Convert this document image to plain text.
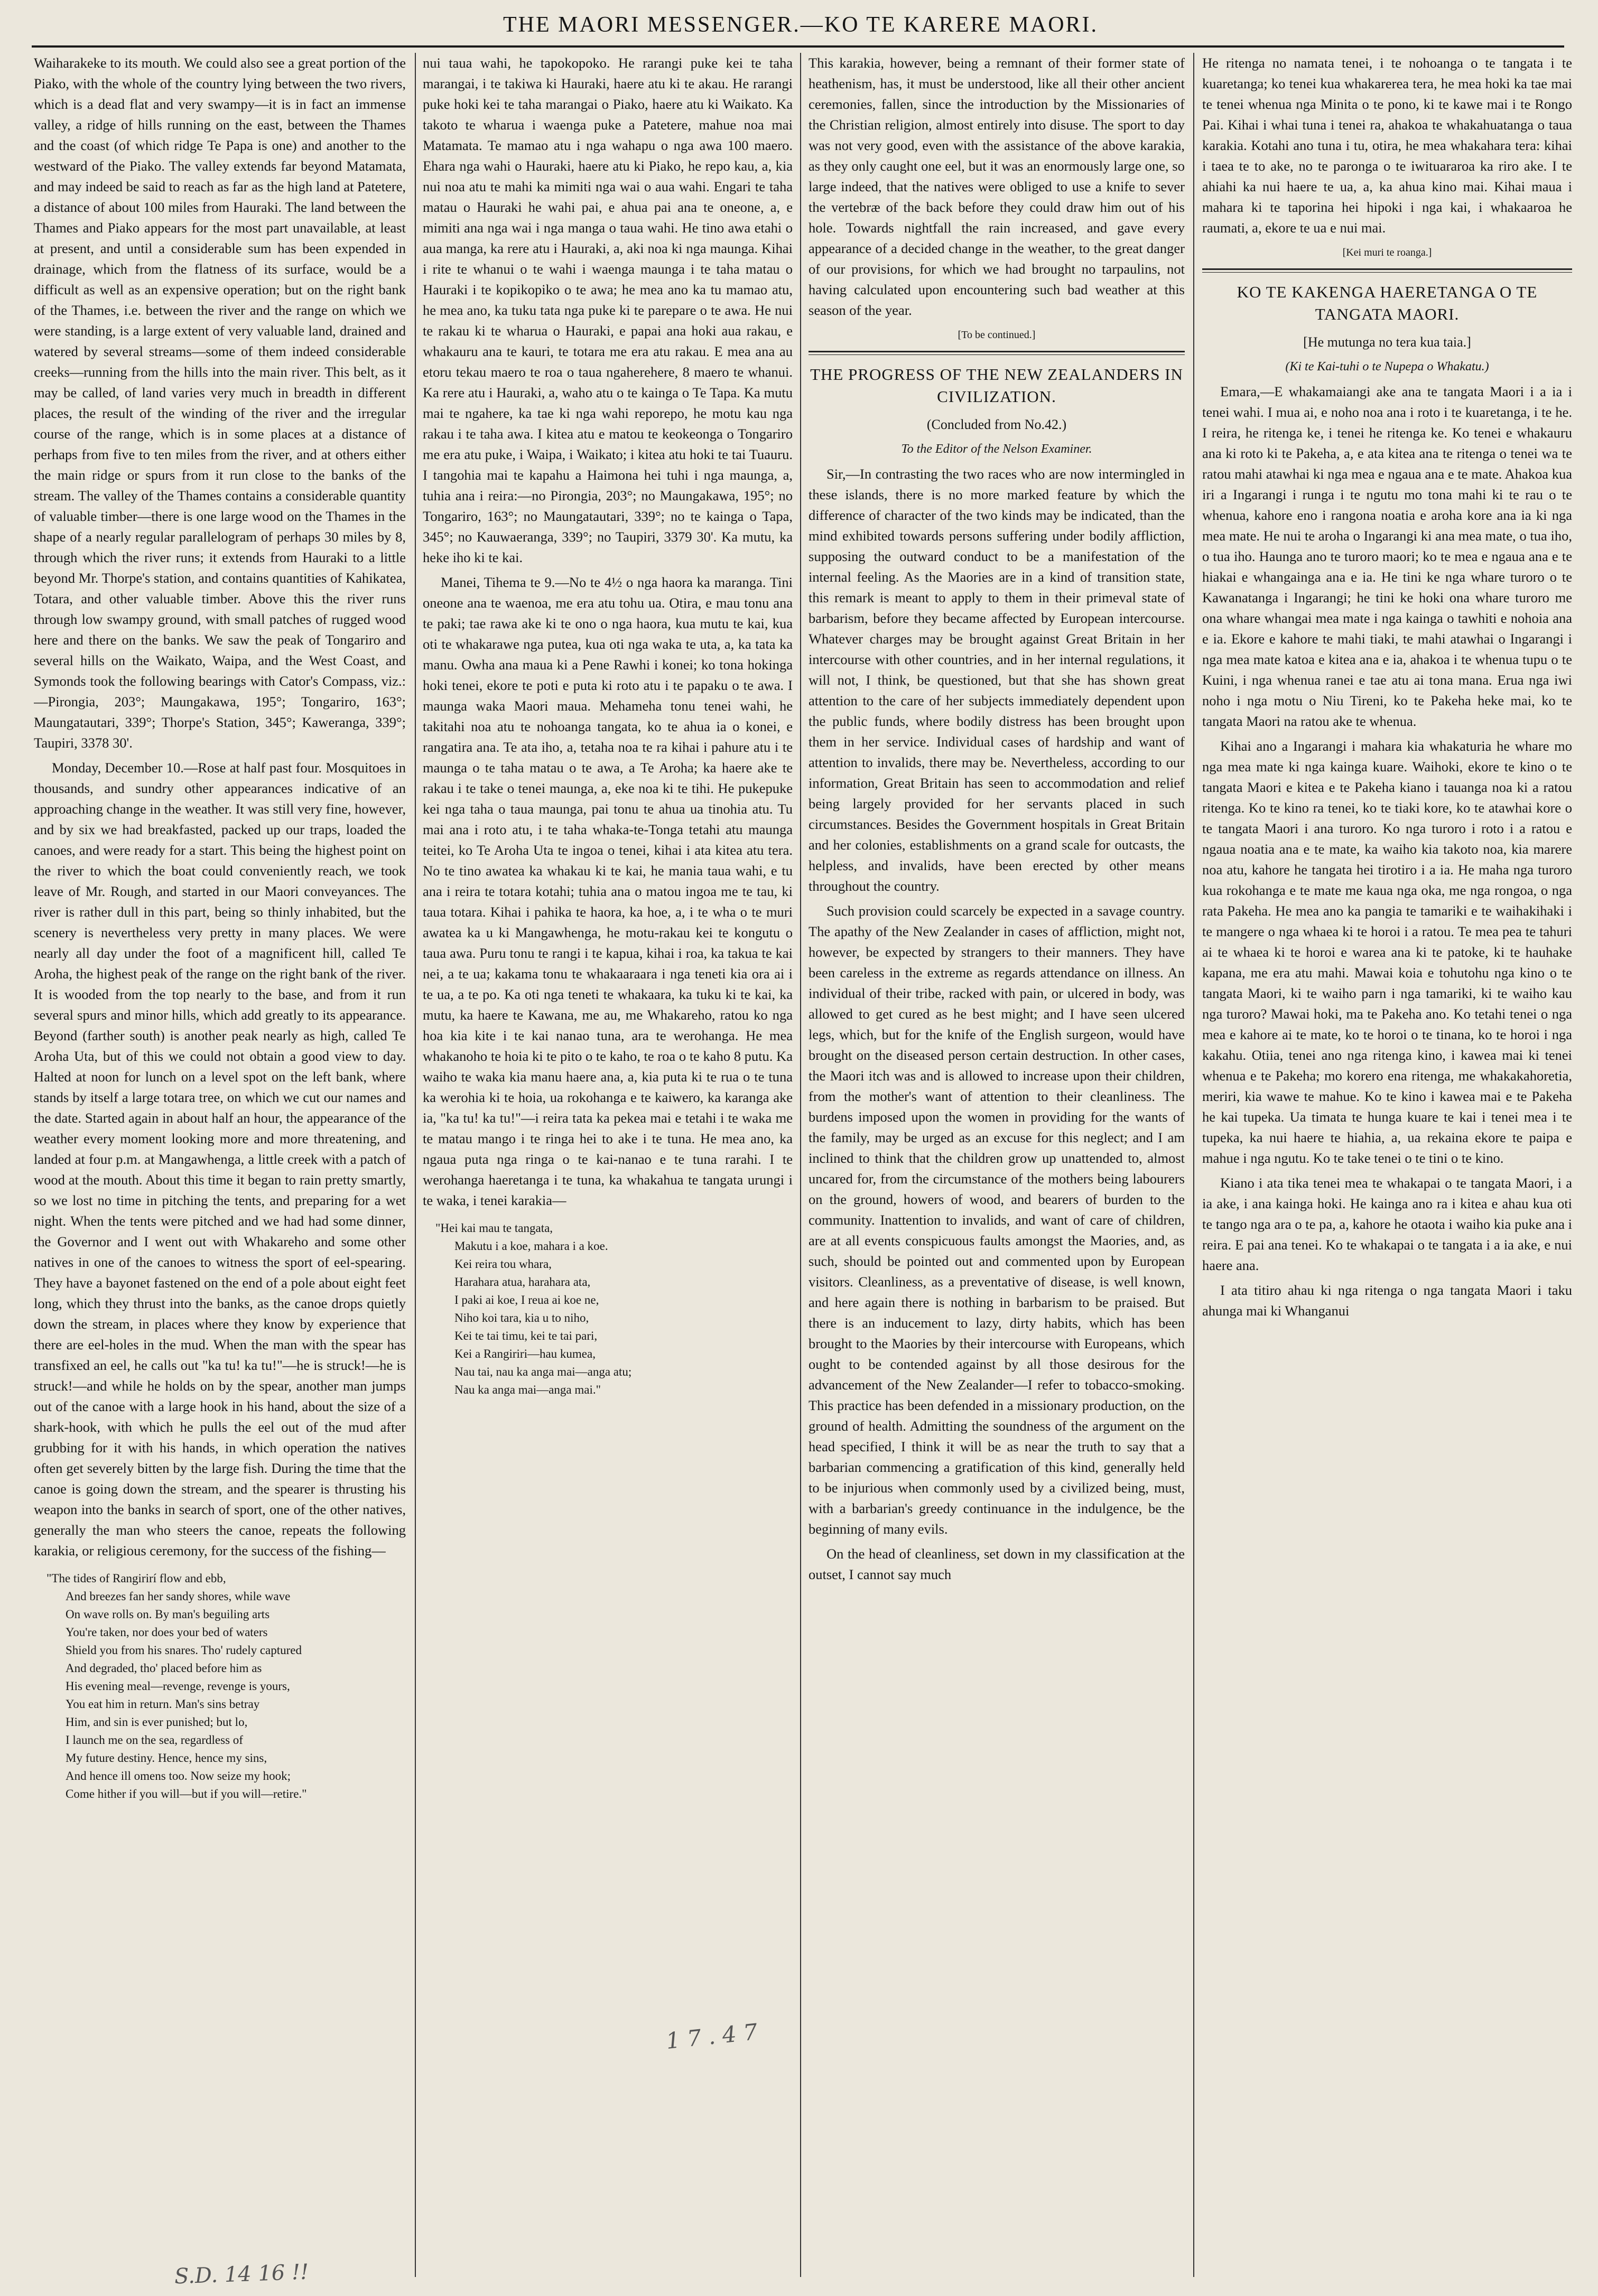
THE MAORI MESSENGER.—KO TE KARERE MAORI.

Waiharakeke to its mouth. We could also see a great portion of the Piako, with the whole of the country lying between the two rivers, which is a dead flat and very swampy—it is in fact an immense valley, a ridge of hills running on the east, between the Thames and the coast (of which ridge Te Papa is one) and another to the westward of the Piako. The valley extends far beyond Matamata, and may indeed be said to reach as far as the high land at Patetere, a distance of about 100 miles from Hauraki. The land between the Thames and Piako appears for the most part unavailable, at least at present, and until a considerable sum has been expended in drainage, which from the flatness of its surface, would be a difficult as well as an expensive operation; but on the right bank of the Thames, i.e. between the river and the range on which we were standing, is a large extent of very valuable land, drained and watered by several streams—some of them indeed considerable creeks—running from the hills into the main river. This belt, as it may be called, of land varies very much in breadth in different places, the result of the winding of the river and the irregular course of the range, which is in some places at a distance of perhaps from five to ten miles from the river, and at others either the main ridge or spurs from it run close to the banks of the stream. The valley of the Thames contains a considerable quantity of valuable timber—there is one large wood on the Thames in the shape of a nearly regular parallelogram of perhaps 30 miles by 8, through which the river runs; it extends from Hauraki to a little beyond Mr. Thorpe's station, and contains quantities of Kahikatea, Totara, and other valuable timber. Above this the river runs through low swampy ground, with small patches of rugged wood here and there on the banks. We saw the peak of Tongariro and several hills on the Waikato, Waipa, and the West Coast, and Symonds took the following bearings with Cator's Compass, viz.:—Pirongia, 203°; Maungakawa, 195°; Tongariro, 163°; Maungatautari, 339°; Thorpe's Station, 345°; Kaweranga, 339°; Taupiri, 3378 30'.

Monday, December 10.—Rose at half past four. Mosquitoes in thousands, and sundry other appearances indicative of an approaching change in the weather. It was still very fine, however, and by six we had breakfasted, packed up our traps, loaded the canoes, and were ready for a start. This being the highest point on the river to which the boat could conveniently reach, we took leave of Mr. Rough, and started in our Maori conveyances. The river is rather dull in this part, being so thinly inhabited, but the scenery is nevertheless very pretty in many places. We were nearly all day under the foot of a magnificent hill, called Te Aroha, the highest peak of the range on the right bank of the river. It is wooded from the top nearly to the base, and from it run several spurs and minor hills, which add greatly to its appearance. Beyond (farther south) is another peak nearly as high, called Te Aroha Uta, but of this we could not obtain a good view to day. Halted at noon for lunch on a level spot on the left bank, where stands by itself a large totara tree, on which we cut our names and the date. Started again in about half an hour, the appearance of the weather every moment looking more and more threatening, and landed at four p.m. at Mangawhenga, a little creek with a patch of wood at the mouth. About this time it began to rain pretty smartly, so we lost no time in pitching the tents, and preparing for a wet night. When the tents were pitched and we had had some dinner, the Governor and I went out with Whakareho and some other natives in one of the canoes to witness the sport of eel-spearing. They have a bayonet fastened on the end of a pole about eight feet long, which they thrust into the banks, as the canoe drops quietly down the stream, in places where they know by experience that there are eel-holes in the mud. When the man with the spear has transfixed an eel, he calls out "ka tu! ka tu!"—he is struck!—he is struck!—and while he holds on by the spear, another man jumps out of the canoe with a large hook in his hand, about the size of a shark-hook, with which he pulls the eel out of the mud after grubbing for it with his hands, in which operation the natives often get severely bitten by the large fish. During the time that the canoe is going down the stream, and the spearer is thrusting his weapon into the banks in search of sport, one of the other natives, generally the man who steers the canoe, repeats the following karakia, or religious ceremony, for the success of the fishing—

"The tides of Rangirirí flow and ebb,
And breezes fan her sandy shores, while wave
On wave rolls on. By man's beguiling arts
You're taken, nor does your bed of waters
Shield you from his snares. Tho' rudely captured
And degraded, tho' placed before him as
His evening meal—revenge, revenge is yours,
You eat him in return. Man's sins betray
Him, and sin is ever punished; but lo,
I launch me on the sea, regardless of
My future destiny. Hence, hence my sins,
And hence ill omens too. Now seize my hook;
Come hither if you will—but if you will—retire."

nui taua wahi, he tapokopoko. He rarangi puke kei te taha marangai, i te takiwa ki Hauraki, haere atu ki te akau. He rarangi puke hoki kei te taha marangai o Piako, haere atu ki Waikato. Ka takoto te wharua i waenga puke a Patetere, mahue noa mai Matamata. Te mamao atu i nga wahapu o nga awa 100 maero. Ehara nga wahi o Hauraki, haere atu ki Piako, he repo kau, a, kia nui noa atu te mahi ka mimiti nga wai o aua wahi. Engari te taha matau o Hauraki he wahi pai, e ahua pai ana te oneone, a, e mimiti ana nga wai i nga manga o taua wahi. He tino awa etahi o aua manga, ka rere atu i Hauraki, a, aki noa ki nga maunga. Kihai i rite te whanui o te wahi i waenga maunga i te taha matau o Hauraki i te kopikopiko o te awa; he mea ano ka tu mamao atu, he mea ano, ka tuku tata nga puke ki te parepare o te awa. He nui te rakau ki te wharua o Hauraki, e papai ana hoki aua rakau, e whakauru ana te kauri, te totara me era atu rakau. E mea ana au etoru tekau maero te roa o taua ngaherehere, 8 maero te whanui. Ka rere atu i Hauraki, a, waho atu o te kainga o Te Tapa. Ka mutu mai te ngahere, ka tae ki nga wahi reporepo, he motu kau nga rakau i te taha awa. I kitea atu e matou te keokeonga o Tongariro me era atu puke, i Waipa, i Waikato; i kitea atu hoki te tai Tuauru. I tangohia mai te kapahu a Haimona hei tuhi i nga maunga, a, tuhia ana i reira:—no Pirongia, 203°; no Maungakawa, 195°; no Tongariro, 163°; no Maungatautari, 339°; no te kainga o Tapa, 345°; no Kauwaeranga, 339°; no Taupiri, 3379 30'. Ka mutu, ka heke iho ki te kai.

Manei, Tihema te 9.—No te 4½ o nga haora ka maranga. Tini oneone ana te waenoa, me era atu tohu ua. Otira, e mau tonu ana te paki; tae rawa ake ki te ono o nga haora, kua mutu te kai, kua oti te whakarawe nga putea, kua oti nga waka te uta, a, ka tata ka manu. Owha ana maua ki a Pene Rawhi i konei; ko tona hokinga hoki tenei, ekore te poti e puta ki roto atu i te papaku o te awa. I maunga waka Maori maua. Mehameha tonu tenei wahi, he takitahi noa atu te nohoanga tangata, ko te ahua ia o konei, e rangatira ana. Te ata iho, a, tetaha noa te ra kihai i pahure atu i te maunga o te taha matau o te awa, a Te Aroha; ka haere ake te rakau i te take o tenei maunga, a, eke noa ki te tihi. He pukepuke kei nga taha o taua maunga, pai tonu te ahua ua tinohia atu. Tu mai ana i roto atu, i te taha whaka-te-Tonga tetahi atu maunga teitei, ko Te Aroha Uta te ingoa o tenei, kihai i ata kitea atu tera. No te tino awatea ka whakau ki te kai, he mania taua wahi, e tu ana i reira te totara kotahi; tuhia ana o matou ingoa me te tau, ki taua totara. Kihai i pahika te haora, ka hoe, a, i te wha o te muri awatea ka u ki Mangawhenga, he motu-rakau kei te kongutu o taua awa. Puru tonu te rangi i te kapua, kihai i roa, ka takua te kai nei, a te ua; kakama tonu te whakaaraara i nga teneti kia ora ai i te ua, a te po. Ka oti nga teneti te whakaara, ka tuku ki te kai, ka mutu, ka haere te Kawana, me au, me Whakareho, ratou ko nga hoa kia kite i te kai nanao tuna, ara te werohanga. He mea whakanoho te hoia ki te pito o te kaho, te roa o te kaho 8 putu. Ka waiho te waka kia manu haere ana, a, kia puta ki te rua o te tuna ka werohia ki te hoia, ua rokohanga e te kaiwero, ka karanga ake ia, "ka tu! ka tu!"—i reira tata ka pekea mai e tetahi i te waka me te matau mango i te ringa hei to ake i te tuna. He mea ano, ka ngaua puta nga ringa o te kai-nanao e te tuna rarahi. I te werohanga haeretanga i te tuna, ka whakahua te tangata urungi i te waka, i tenei karakia—

"Hei kai mau te tangata,
Makutu i a koe, mahara i a koe.
Kei reira tou whara,
Harahara atua, harahara ata,
I paki ai koe, I reua ai koe ne,
Niho koi tara, kia u to niho,
Kei te tai timu, kei te tai pari,
Kei a Rangiriri—hau kumea,
Nau tai, nau ka anga mai—anga atu;
Nau ka anga mai—anga mai."

This karakia, however, being a remnant of their former state of heathenism, has, it must be understood, like all their other ancient ceremonies, fallen, since the introduction by the Missionaries of the Christian religion, almost entirely into disuse. The sport to day was not very good, even with the assistance of the above karakia, as they only caught one eel, but it was an enormously large one, so large indeed, that the natives were obliged to use a knife to sever the vertebræ of the back before they could draw him out of his hole. Towards nightfall the rain increased, and gave every appearance of a decided change in the weather, to the great danger of our provisions, for which we had brought no tarpaulins, not having calculated upon encountering such bad weather at this season of the year.

[To be continued.]

THE PROGRESS OF THE NEW ZEALANDERS IN CIVILIZATION.

(Concluded from No.42.)

To the Editor of the Nelson Examiner.

Sir,—In contrasting the two races who are now intermingled in these islands, there is no more marked feature by which the difference of character of the two kinds may be indicated, than the mind exhibited towards persons suffering under bodily affliction, supposing the outward conduct to be a manifestation of the internal feeling. As the Maories are in a kind of transition state, this remark is meant to apply to them in their primeval state of barbarism, before they became affected by European intercourse. Whatever charges may be brought against Great Britain in her intercourse with other countries, and in her internal regulations, it will not, I think, be questioned, but that she has shown great attention to the care of her subjects immediately dependent upon the public funds, where bodily distress has been brought upon them in her service. Individual cases of hardship and want of attention to invalids, there may be. Nevertheless, according to our information, Great Britain has seen to accommodation and relief being largely provided for her servants placed in such circumstances. Besides the Government hospitals in Great Britain and her colonies, establishments on a grand scale for outcasts, the helpless, and invalids, have been erected by other means throughout the country.

Such provision could scarcely be expected in a savage country. The apathy of the New Zealander in cases of affliction, might not, however, be expected by strangers to their manners. They have been careless in the extreme as regards attendance on illness. An individual of their tribe, racked with pain, or ulcered in body, was allowed to get cured as he best might; and I have seen ulcered legs, which, but for the knife of the English surgeon, would have brought on the diseased person certain destruction. In other cases, the Maori itch was and is allowed to increase upon their children, from the mother's want of attention to their cleanliness. The burdens imposed upon the women in providing for the wants of the family, may be urged as an excuse for this neglect; and I am inclined to think that the children grow up unattended to, almost uncared for, from the circumstance of the mothers being labourers on the ground, howers of wood, and bearers of burden to the community. Inattention to invalids, and want of care of children, are at all events conspicuous faults amongst the Maories, and, as such, should be pointed out and commented upon by European visitors. Cleanliness, as a preventative of disease, is well known, and here again there is nothing in barbarism to be praised. But there is an inducement to lazy, dirty habits, which has been brought to the Maories by their intercourse with Europeans, which ought to be contended against by all those desirous for the advancement of the New Zealander—I refer to tobacco-smoking. This practice has been defended in a missionary production, on the ground of health. Admitting the soundness of the argument on the head specified, I think it will be as near the truth to say that a barbarian commencing a gratification of this kind, generally held to be injurious when commonly used by a civilized being, must, with a barbarian's greedy continuance in the indulgence, be the beginning of many evils.

On the head of cleanliness, set down in my classification at the outset, I cannot say much

He ritenga no namata tenei, i te nohoanga o te tangata i te kuaretanga; ko tenei kua whakarerea tera, he mea hoki ka tae mai te tenei whenua nga Minita o te pono, ki te kawe mai i te Rongo Pai. Kihai i whai tuna i tenei ra, ahakoa te whakahuatanga o taua karakia. Kotahi ano tuna i tu, otira, he mea whakahara tera: kihai i taea te to ake, no te paronga o te iwituararoa ka riro ake. I te ahiahi ka nui haere te ua, a, ka ahua kino mai. Kihai maua i mahara ki te taporina hei hipoki i nga kai, i whakaaroa he raumati, a, ekore te ua e nui mai.

[Kei muri te roanga.]

KO TE KAKENGA HAERETANGA O TE TANGATA MAORI.

[He mutunga no tera kua taia.]

(Ki te Kai-tuhi o te Nupepa o Whakatu.)

Emara,—E whakamaiangi ake ana te tangata Maori i a ia i tenei wahi. I mua ai, e noho noa ana i roto i te kuaretanga, i te he. I reira, he ritenga ke, i tenei he ritenga ke. Ko tenei e whakauru ana ki roto ki te Pakeha, a, e ata kitea ana te ritenga o tenei wa te ratou mahi atawhai ki nga mea e ngaua ana e te mate. Ahakoa kua iri a Ingarangi i runga i te ngutu mo tona mahi ki te rau o te whenua, kahore eno i rangona noatia e aroha kore ana ia ki nga mea mate. He nui te aroha o Ingarangi ki ana mea mate, o tua iho, o tua iho. Haunga ano te turoro maori; ko te mea e ngaua ana e te hiakai e whangainga ana e ia. He tini ke nga whare turoro o te Kawanatanga i Ingarangi; he tini ke hoki ona whare turoro me ona whare whangai mea mate i nga kainga o tawhiti e nohoia ana e ia. Ekore e kahore te mahi tiaki, te mahi atawhai o Ingarangi i nga mea mate katoa e kitea ana e ia, ahakoa i te whenua tupu o te Kuini, i nga whenua ranei e tae atu ai tona mana. Erua nga iwi noho i nga motu o Niu Tireni, ko te Pakeha heke mai, ko te tangata Maori na ratou ake te whenua.

Kihai ano a Ingarangi i mahara kia whakaturia he whare mo nga mea mate ki nga kainga kuare. Waihoki, ekore te kino o te tangata Maori e kitea e te Pakeha kiano i tauanga noa ki a ratou ritenga. Ko te kino ra tenei, ko te tiaki kore, ko te atawhai kore o te tangata Maori i ana turoro. Ko nga turoro i roto i a ratou e ngaua noatia ana e te mate, ka waiho kia takoto noa, kia marere noa atu, kahore he tangata hei tirotiro i a ia. He maha nga turoro kua rokohanga e te mate me kaua nga oka, me nga rongoa, o nga rata Pakeha. He mea ano ka pangia te tamariki e te waihakihaki i te mangere o nga whaea ki te horoi i a ratou. Te mea pea te tahuri ai te whaea ki te horoi e warea ana ki te patoke, ki te hauhake kapana, me era atu mahi. Mawai koia e tohutohu nga kino o te tangata Maori, ki te waiho parn i nga tamariki, ki te waiho kau nga turoro? Mawai hoki, ma te Pakeha ano. Ko tetahi tenei o nga mea e kahore ai te mate, ko te horoi o te tinana, ko te horoi i nga kakahu. Otiia, tenei ano nga ritenga kino, i kawea mai ki tenei whenua e te Pakeha; mo korero ena ritenga, me whakakahoretia, meriri, kia wawe te mahue. Ko te kino i kawea mai e te Pakeha he kai tupeka. Ua timata te hunga kuare te kai i tenei mea i te tupeka, ka nui haere te hiahia, a, ua rekaina ekore te paipa e mahue i nga ngutu. Ko te take tenei o te tini o te kino.

Kiano i ata tika tenei mea te whakapai o te tangata Maori, i a ia ake, i ana kainga hoki. He kainga ano ra i kitea e ahau kua oti te tango nga ara o te pa, a, kahore he otaota i waiho kia puke ana i reira. E pai ana tenei. Ko te whakapai o te tangata i a ia ake, e nui haere ana.

I ata titiro ahau ki nga ritenga o nga tangata Maori i taku ahunga mai ki Whanganui

S.D. 14 16 !!
1 7 . 4 7
